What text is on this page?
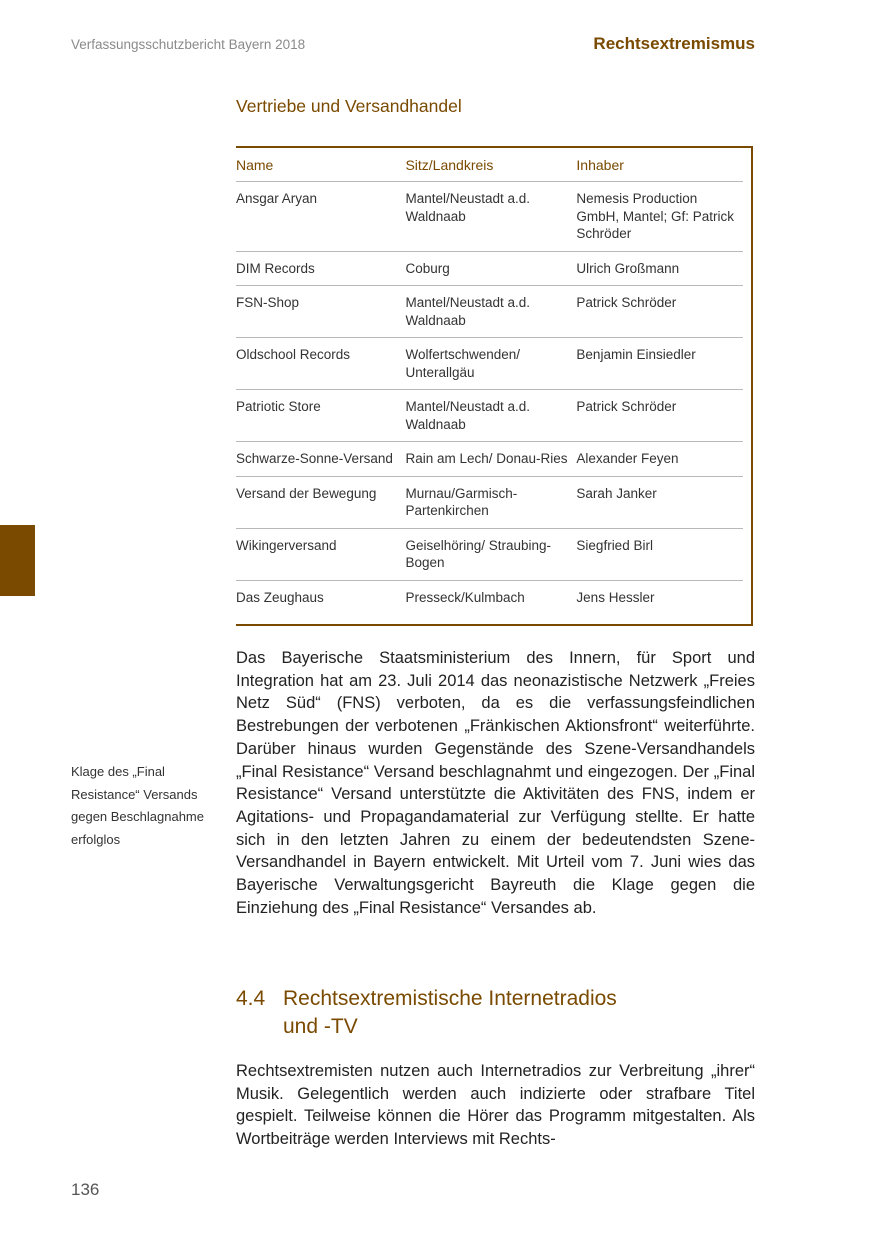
Verfassungsschutzbericht Bayern 2018	Rechtsextremismus
Vertriebe und Versandhandel
Name	Sitz/Landkreis	Inhaber
Ansgar Aryan	Mantel/Neustadt a.d. Waldnaab	Nemesis Production GmbH, Mantel; Gf: Patrick Schröder
DIM Records	Coburg	Ulrich Großmann
FSN-Shop	Mantel/Neustadt a.d. Waldnaab	Patrick Schröder
Oldschool Records	Wolfertschwenden/ Unterallgäu	Benjamin Einsiedler
Patriotic Store	Mantel/Neustadt a.d. Waldnaab	Patrick Schröder
Schwarze-Sonne-Versand	Rain am Lech/ Donau-Ries	Alexander Feyen
Versand der Bewegung	Murnau/Garmisch-Partenkirchen	Sarah Janker
Wikingerversand	Geiselhöring/ Straubing-Bogen	Siegfried Birl
Das Zeughaus	Presseck/Kulmbach	Jens Hessler
Klage des „Final Resistance“ Versands gegen Beschlagnahme erfolglos

Das Bayerische Staatsministerium des Innern, für Sport und Integration hat am 23. Juli 2014 das neonazistische Netzwerk „Freies Netz Süd“ (FNS) verboten, da es die verfassungsfeindlichen Bestrebungen der verbotenen „Fränkischen Aktionsfront“ weiterführte. Darüber hinaus wurden Gegenstände des Szene-Versandhandels „Final Resistance“ Versand beschlagnahmt und eingezogen. Der „Final Resistance“ Versand unterstützte die Aktivitäten des FNS, indem er Agitations- und Propagandamaterial zur Verfügung stellte. Er hatte sich in den letzten Jahren zu einem der bedeutendsten Szene-Versandhandel in Bayern entwickelt. Mit Urteil vom 7. Juni wies das Bayerische Verwaltungsgericht Bayreuth die Klage gegen die Einziehung des „Final Resistance“ Versandes ab.

4.4 Rechtsextremistische Internetradios
und -TV

Rechtsextremisten nutzen auch Internetradios zur Verbreitung „ihrer“ Musik. Gelegentlich werden auch indizierte oder strafbare Titel gespielt. Teilweise können die Hörer das Programm mitgestalten. Als Wortbeiträge werden Interviews mit Rechts-

136
